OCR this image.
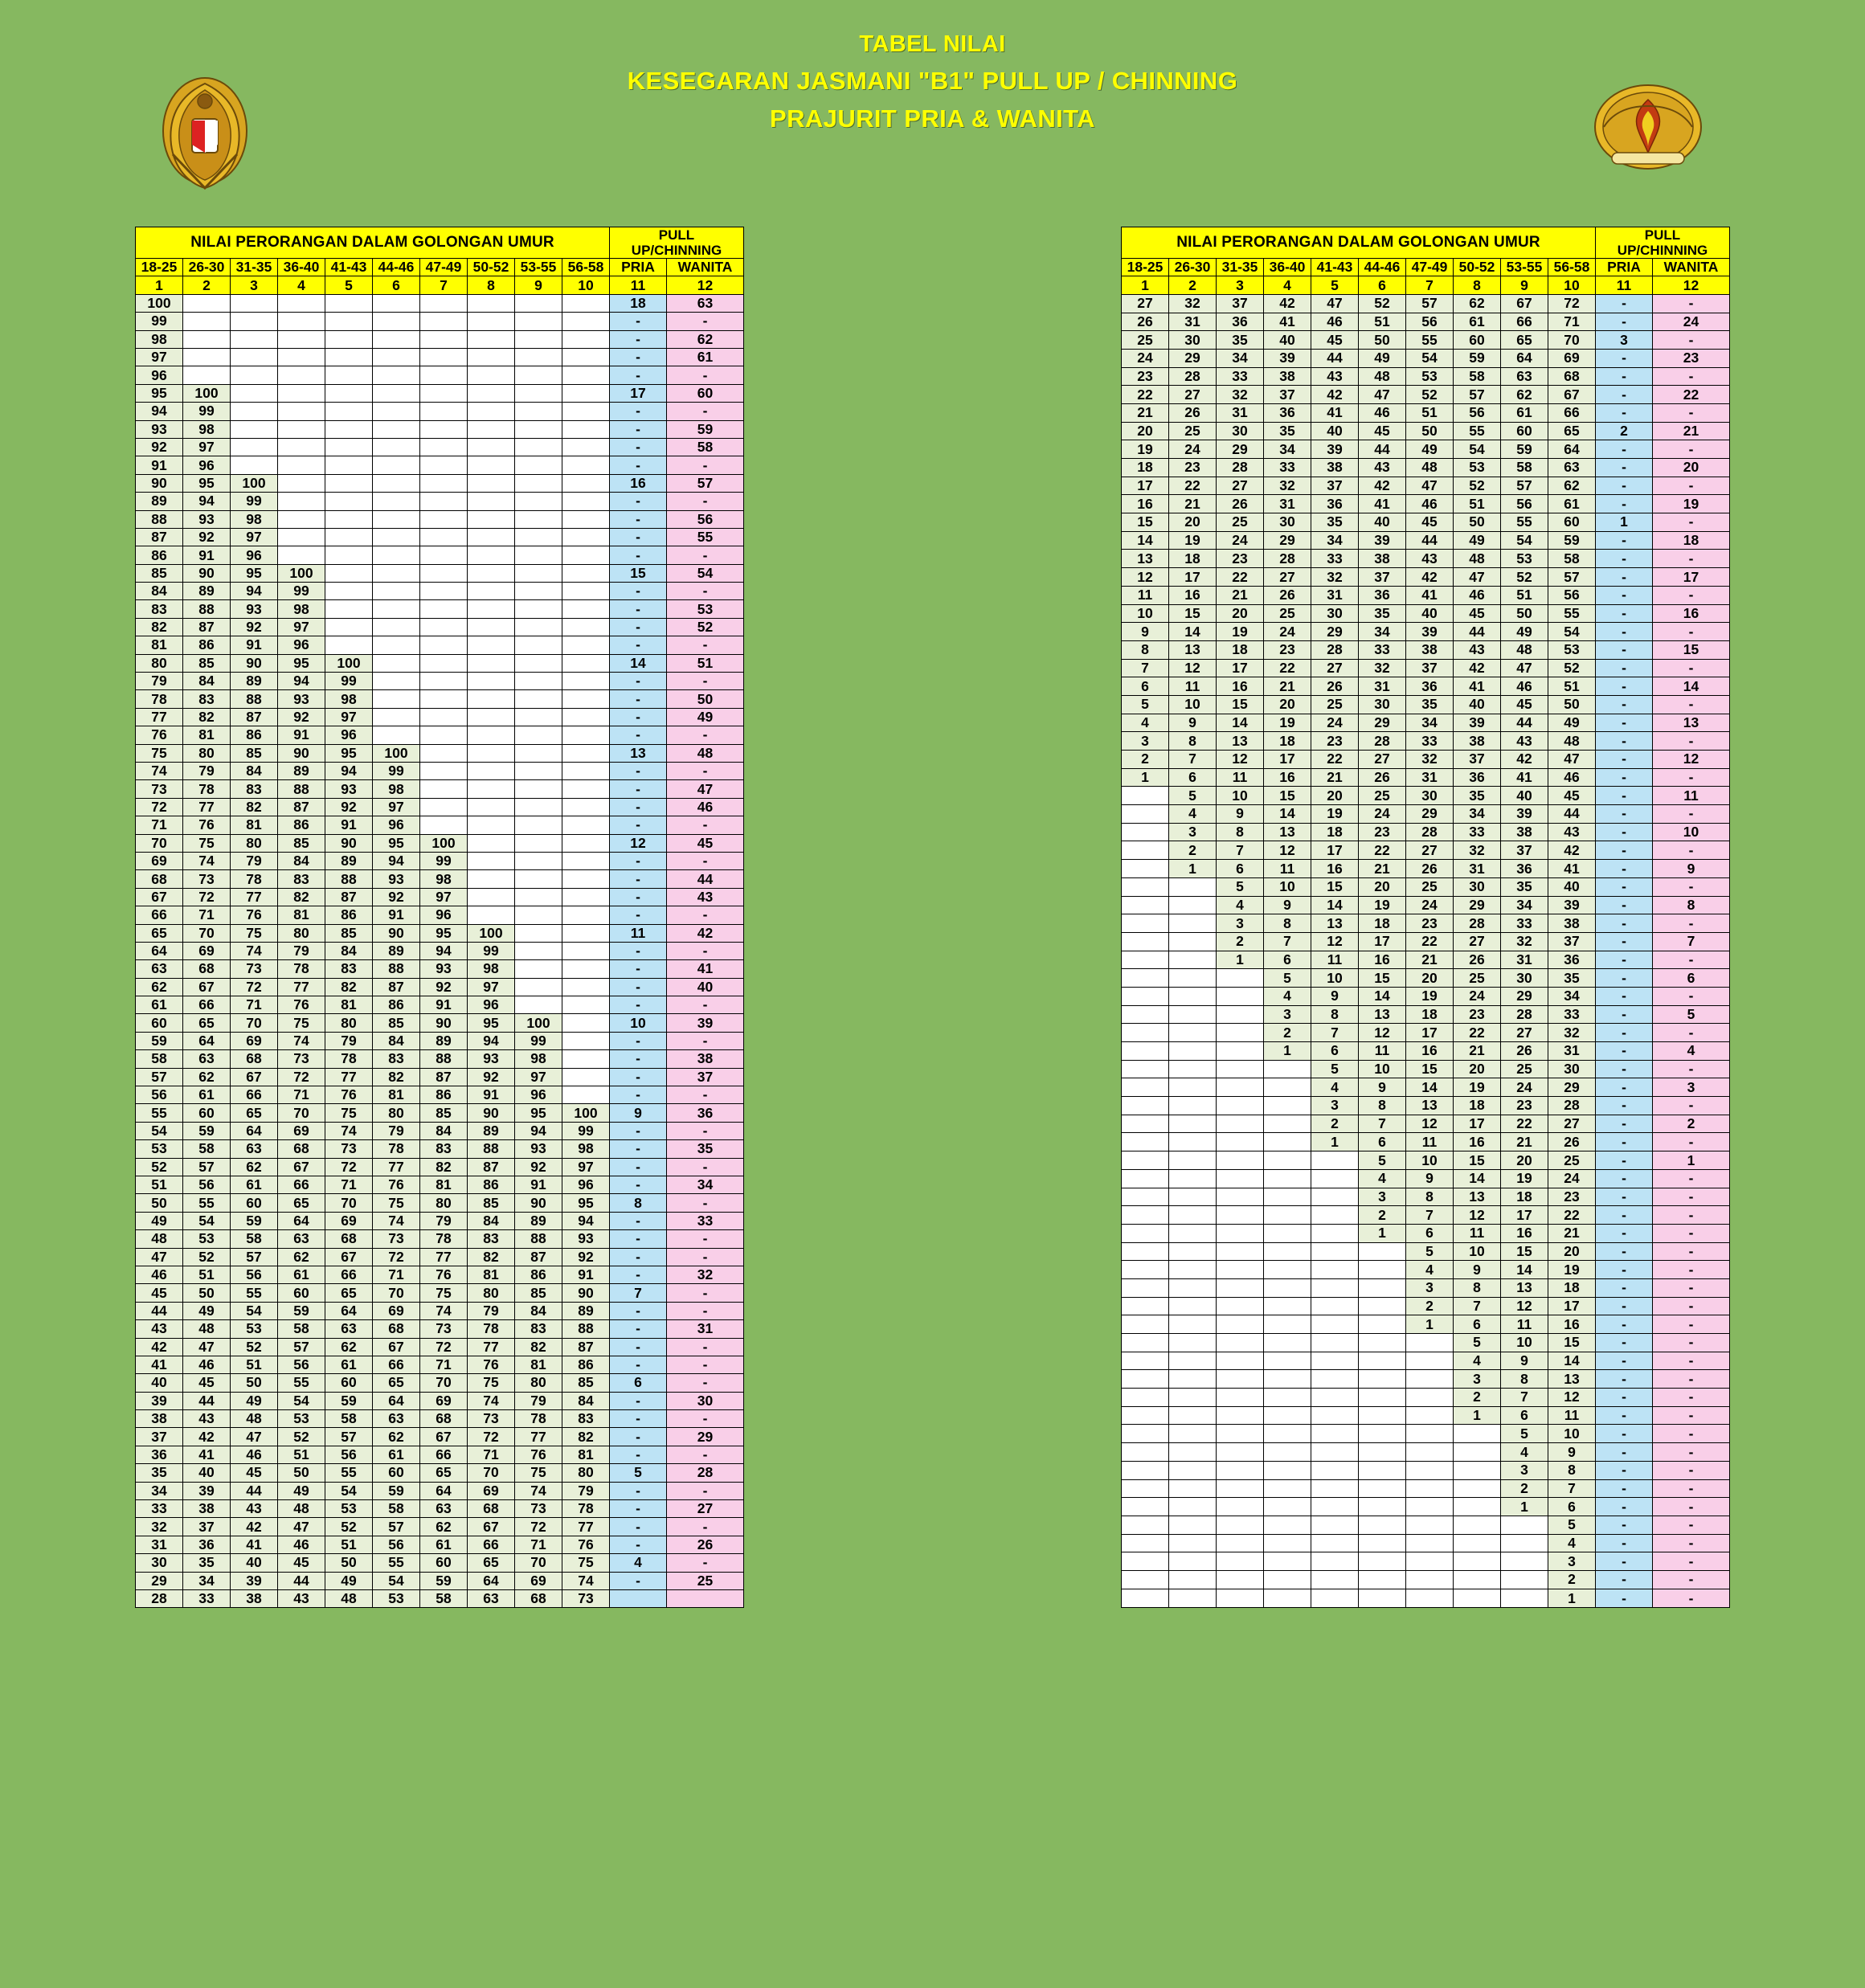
TABEL NILAI
KESEGARAN JASMANI "B1" PULL UP / CHINNING
PRAJURIT PRIA & WANITA
NILAI PERORANGAN DALAM GOLONGAN UMUR										PULL
UP/CHINNING	
18-25	26-30	31-35	36-40	41-43	44-46	47-49	50-52	53-55	56-58	PRIA	WANITA
1	2	3	4	5	6	7	8	9	10	11	12
100										18	63
99										-	-
98										-	62
97										-	61
96										-	-
95	100									17	60
94	99									-	-
93	98									-	59
92	97									-	58
91	96									-	-
90	95	100								16	57
89	94	99								-	-
88	93	98								-	56
87	92	97								-	55
86	91	96								-	-
85	90	95	100							15	54
84	89	94	99							-	-
83	88	93	98							-	53
82	87	92	97							-	52
81	86	91	96							-	-
80	85	90	95	100						14	51
79	84	89	94	99						-	-
78	83	88	93	98						-	50
77	82	87	92	97						-	49
76	81	86	91	96						-	-
75	80	85	90	95	100					13	48
74	79	84	89	94	99					-	-
73	78	83	88	93	98					-	47
72	77	82	87	92	97					-	46
71	76	81	86	91	96					-	-
70	75	80	85	90	95	100				12	45
69	74	79	84	89	94	99				-	-
68	73	78	83	88	93	98				-	44
67	72	77	82	87	92	97				-	43
66	71	76	81	86	91	96				-	-
65	70	75	80	85	90	95	100			11	42
64	69	74	79	84	89	94	99			-	-
63	68	73	78	83	88	93	98			-	41
62	67	72	77	82	87	92	97			-	40
61	66	71	76	81	86	91	96			-	-
60	65	70	75	80	85	90	95	100		10	39
59	64	69	74	79	84	89	94	99		-	-
58	63	68	73	78	83	88	93	98		-	38
57	62	67	72	77	82	87	92	97		-	37
56	61	66	71	76	81	86	91	96		-	-
55	60	65	70	75	80	85	90	95	100	9	36
54	59	64	69	74	79	84	89	94	99	-	-
53	58	63	68	73	78	83	88	93	98	-	35
52	57	62	67	72	77	82	87	92	97	-	-
51	56	61	66	71	76	81	86	91	96	-	34
50	55	60	65	70	75	80	85	90	95	8	-
49	54	59	64	69	74	79	84	89	94	-	33
48	53	58	63	68	73	78	83	88	93	-	-
47	52	57	62	67	72	77	82	87	92	-	-
46	51	56	61	66	71	76	81	86	91	-	32
45	50	55	60	65	70	75	80	85	90	7	-
44	49	54	59	64	69	74	79	84	89	-	-
43	48	53	58	63	68	73	78	83	88	-	31
42	47	52	57	62	67	72	77	82	87	-	-
41	46	51	56	61	66	71	76	81	86	-	-
40	45	50	55	60	65	70	75	80	85	6	-
39	44	49	54	59	64	69	74	79	84	-	30
38	43	48	53	58	63	68	73	78	83	-	-
37	42	47	52	57	62	67	72	77	82	-	29
36	41	46	51	56	61	66	71	76	81	-	-
35	40	45	50	55	60	65	70	75	80	5	28
34	39	44	49	54	59	64	69	74	79	-	-
33	38	43	48	53	58	63	68	73	78	-	27
32	37	42	47	52	57	62	67	72	77	-	-
31	36	41	46	51	56	61	66	71	76	-	26
30	35	40	45	50	55	60	65	70	75	4	-
29	34	39	44	49	54	59	64	69	74	-	25
28	33	38	43	48	53	58	63	68	73		
NILAI PERORANGAN DALAM GOLONGAN UMUR										PULL
UP/CHINNING	
18-25	26-30	31-35	36-40	41-43	44-46	47-49	50-52	53-55	56-58	PRIA	WANITA
1	2	3	4	5	6	7	8	9	10	11	12
27	32	37	42	47	52	57	62	67	72	-	-
26	31	36	41	46	51	56	61	66	71	-	24
25	30	35	40	45	50	55	60	65	70	3	-
24	29	34	39	44	49	54	59	64	69	-	23
23	28	33	38	43	48	53	58	63	68	-	-
22	27	32	37	42	47	52	57	62	67	-	22
21	26	31	36	41	46	51	56	61	66	-	-
20	25	30	35	40	45	50	55	60	65	2	21
19	24	29	34	39	44	49	54	59	64	-	-
18	23	28	33	38	43	48	53	58	63	-	20
17	22	27	32	37	42	47	52	57	62	-	-
16	21	26	31	36	41	46	51	56	61	-	19
15	20	25	30	35	40	45	50	55	60	1	-
14	19	24	29	34	39	44	49	54	59	-	18
13	18	23	28	33	38	43	48	53	58	-	-
12	17	22	27	32	37	42	47	52	57	-	17
11	16	21	26	31	36	41	46	51	56	-	-
10	15	20	25	30	35	40	45	50	55	-	16
9	14	19	24	29	34	39	44	49	54	-	-
8	13	18	23	28	33	38	43	48	53	-	15
7	12	17	22	27	32	37	42	47	52	-	-
6	11	16	21	26	31	36	41	46	51	-	14
5	10	15	20	25	30	35	40	45	50	-	-
4	9	14	19	24	29	34	39	44	49	-	13
3	8	13	18	23	28	33	38	43	48	-	-
2	7	12	17	22	27	32	37	42	47	-	12
1	6	11	16	21	26	31	36	41	46	-	-
	5	10	15	20	25	30	35	40	45	-	11
	4	9	14	19	24	29	34	39	44	-	-
	3	8	13	18	23	28	33	38	43	-	10
	2	7	12	17	22	27	32	37	42	-	-
	1	6	11	16	21	26	31	36	41	-	9
		5	10	15	20	25	30	35	40	-	-
		4	9	14	19	24	29	34	39	-	8
		3	8	13	18	23	28	33	38	-	-
		2	7	12	17	22	27	32	37	-	7
		1	6	11	16	21	26	31	36	-	-
			5	10	15	20	25	30	35	-	6
			4	9	14	19	24	29	34	-	-
			3	8	13	18	23	28	33	-	5
			2	7	12	17	22	27	32	-	-
			1	6	11	16	21	26	31	-	4
				5	10	15	20	25	30	-	-
				4	9	14	19	24	29	-	3
				3	8	13	18	23	28	-	-
				2	7	12	17	22	27	-	2
				1	6	11	16	21	26	-	-
					5	10	15	20	25	-	1
					4	9	14	19	24	-	-
					3	8	13	18	23	-	-
					2	7	12	17	22	-	-
					1	6	11	16	21	-	-
						5	10	15	20	-	-
						4	9	14	19	-	-
						3	8	13	18	-	-
						2	7	12	17	-	-
						1	6	11	16	-	-
							5	10	15	-	-
							4	9	14	-	-
							3	8	13	-	-
							2	7	12	-	-
							1	6	11	-	-
								5	10	-	-
								4	9	-	-
								3	8	-	-
								2	7	-	-
								1	6	-	-
									5	-	-
									4	-	-
									3	-	-
									2	-	-
									1	-	-
